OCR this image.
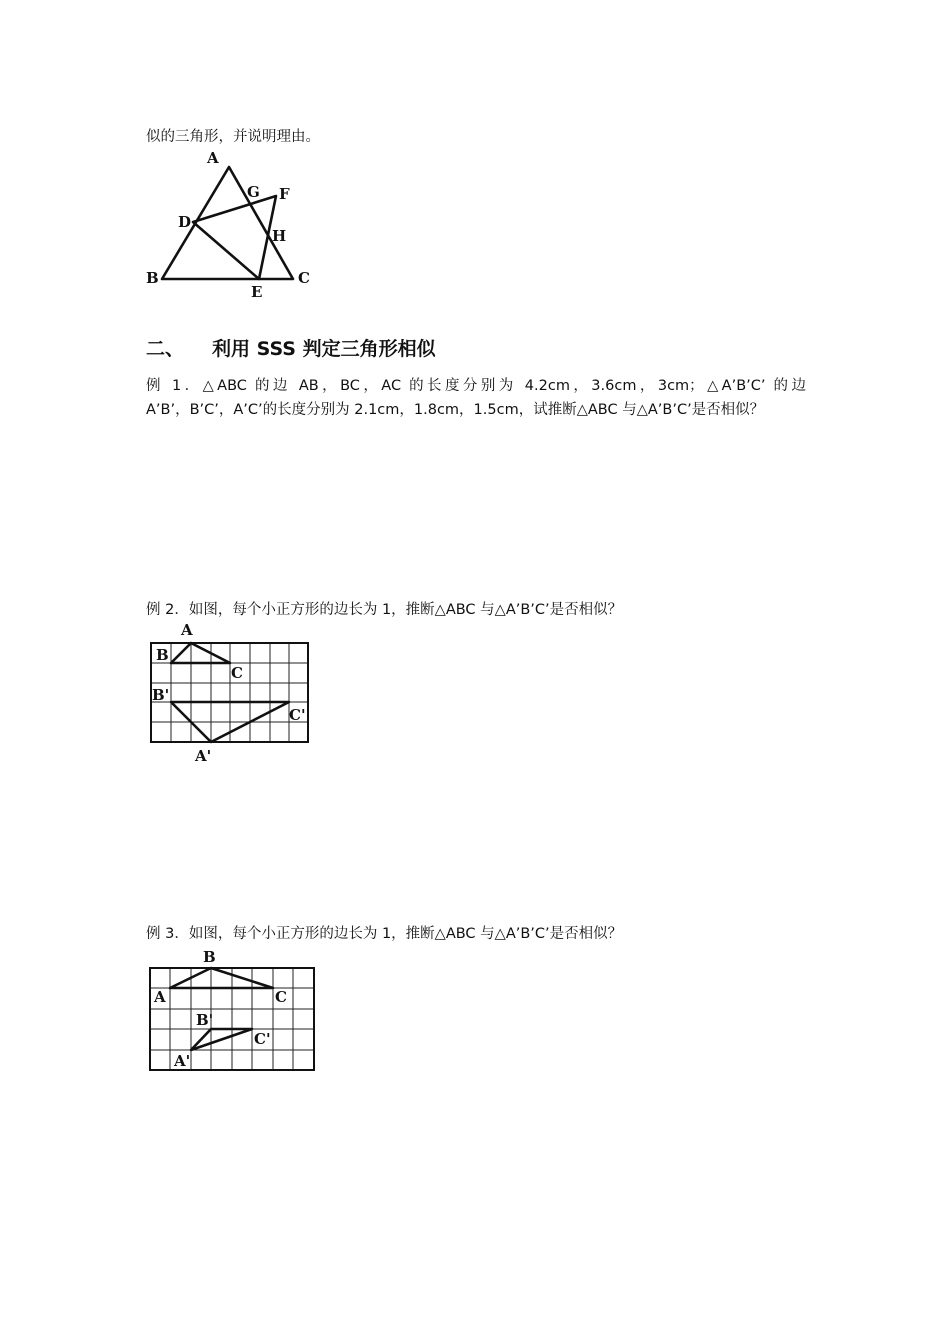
似的三角形，并说明理由。
A
G F
D
H
B
E
C
二、 利用 SSS 判定三角形相似
例 1．△ABC 的边 AB，BC，AC 的长度分别为 4.2cm，3.6cm，3cm；△A’B’C’ 的边
A’B’，B’C’，A’C’的长度分别为 2.1cm，1.8cm，1.5cm，试推断△ABC 与△A’B’C’是否相似？
例 2．如图，每个小正方形的边长为 1，推断△ABC 与△A’B’C’是否相似？
A
B
C
B'
C'
A'
例 3．如图，每个小正方形的边长为 1，推断△ABC 与△A’B’C’是否相似？
B
A	C
B'
C'
A'
